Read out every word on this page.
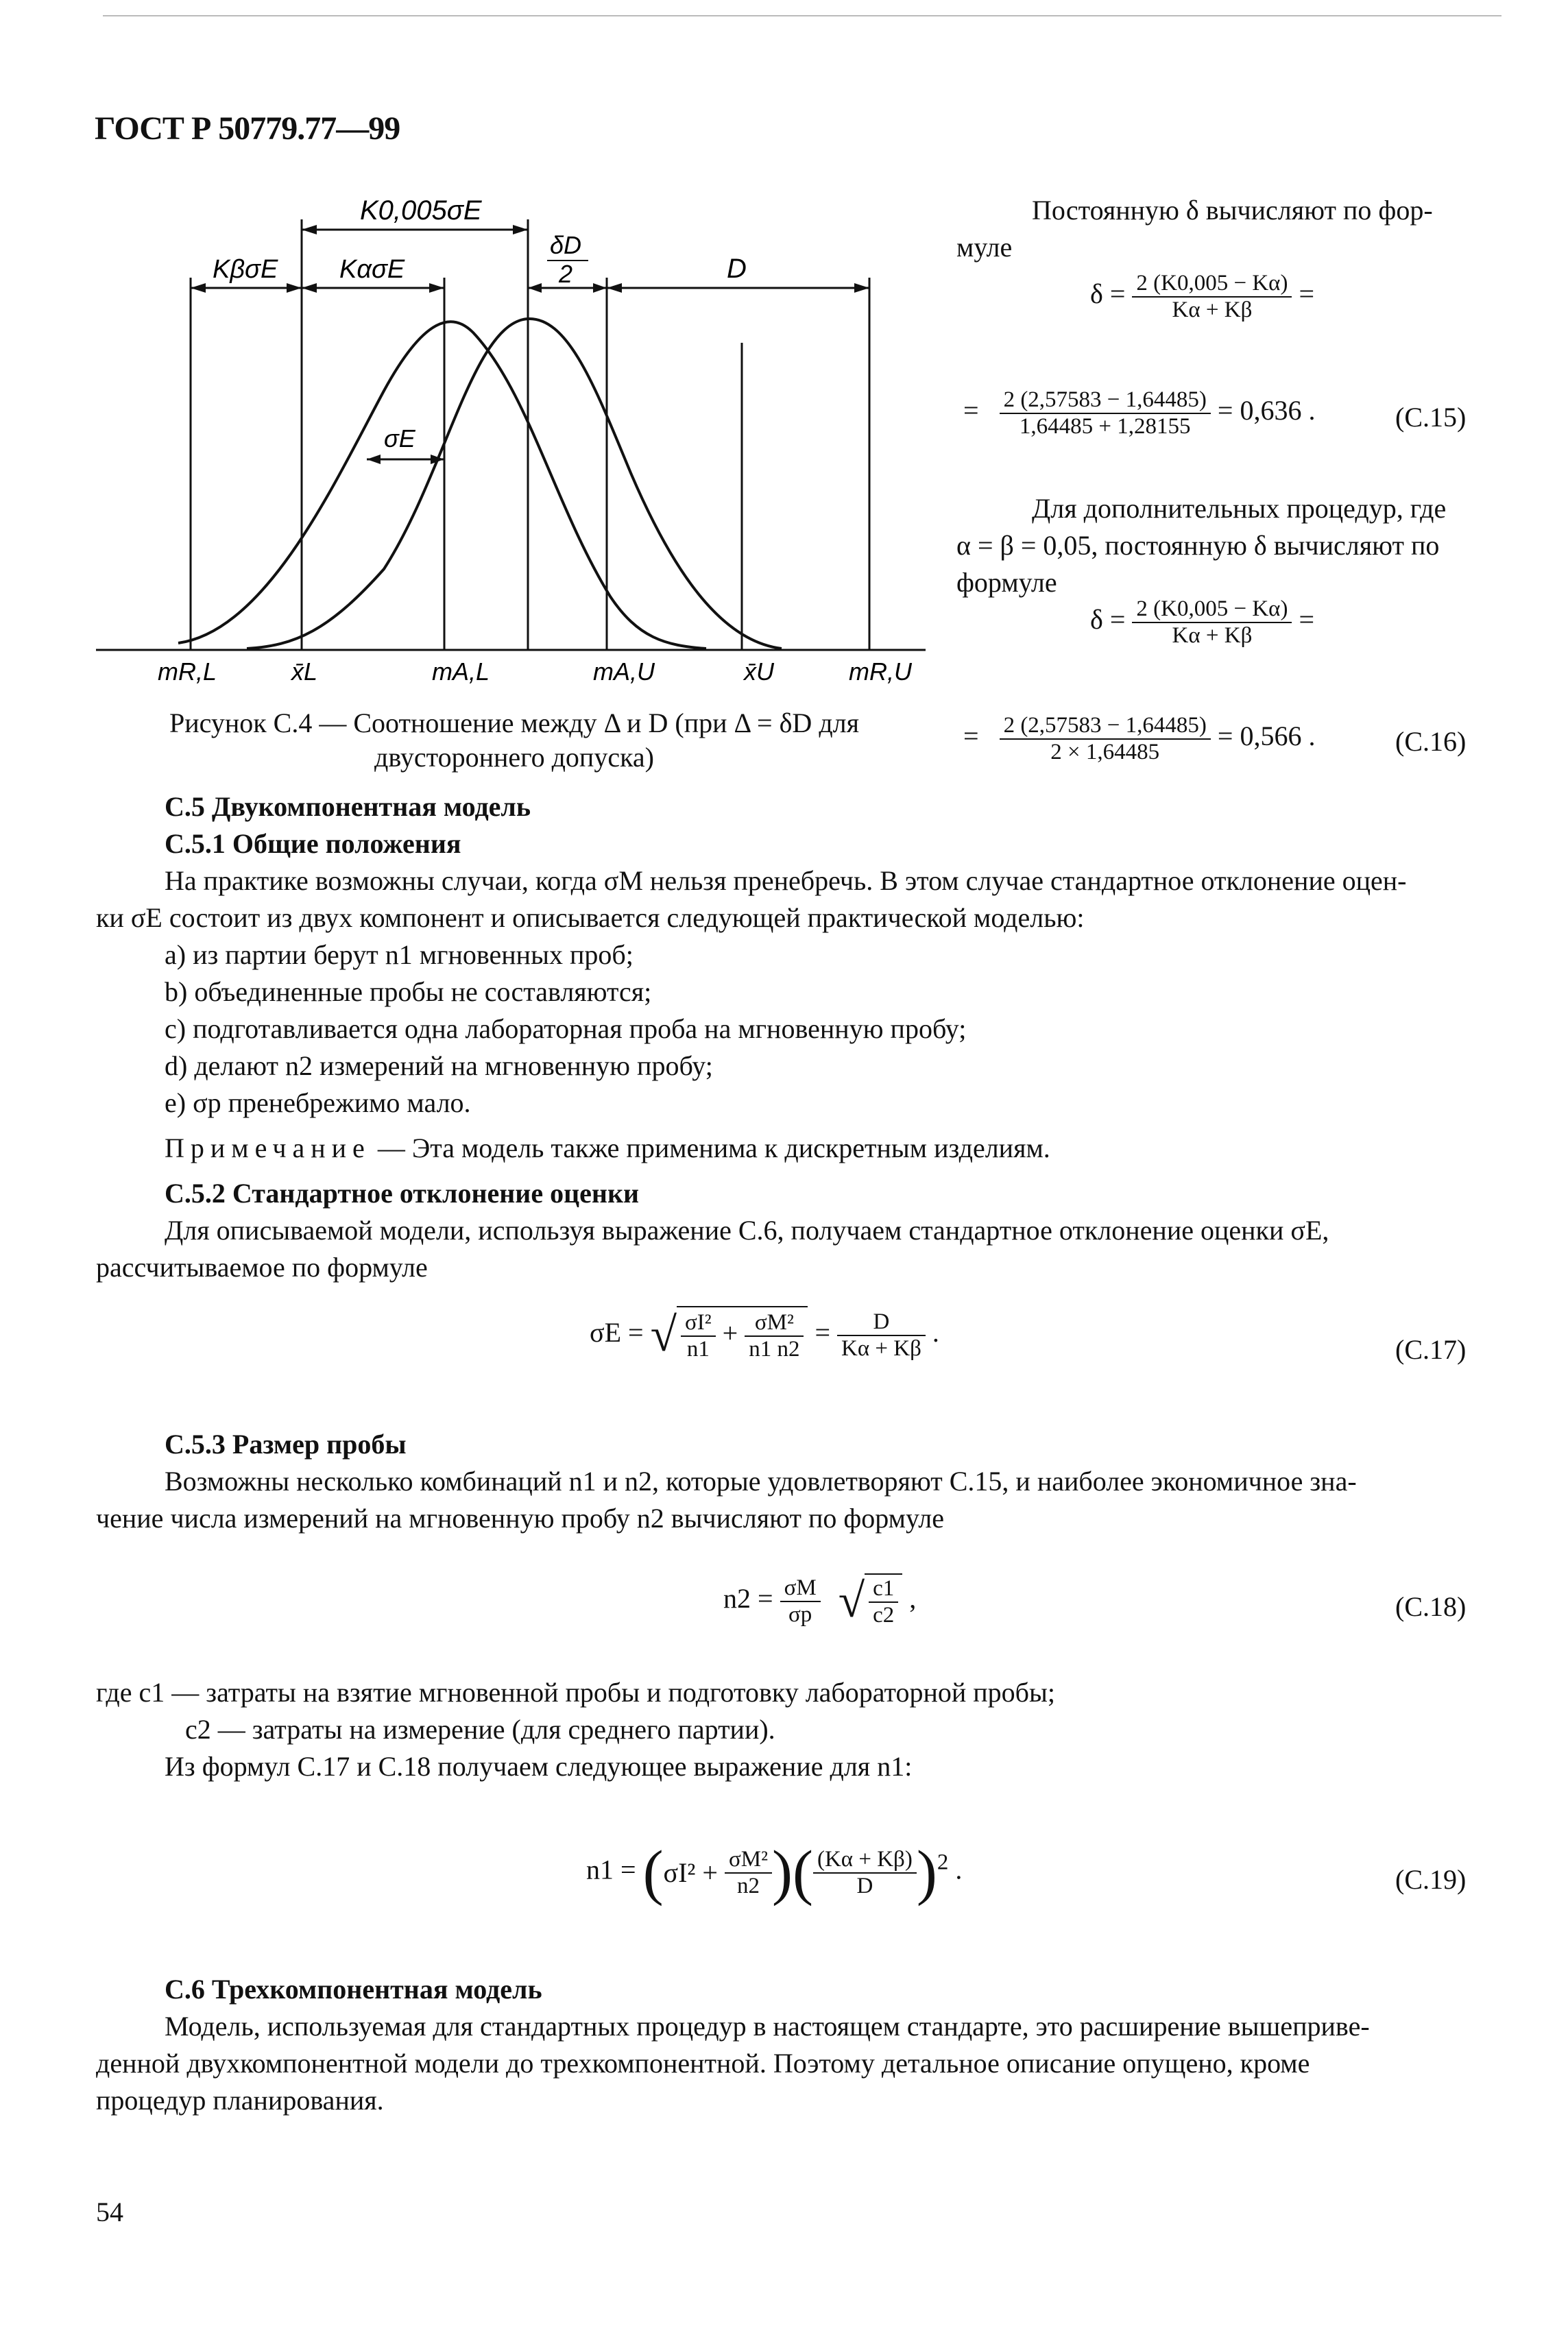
ГОСТ Р 50779.77—99
K0,005σE
KβσE KασE
δD
2	D
σE
mR,L	x̄L	mA,L	mA,U	x̄U	mR,U
Рисунок С.4 — Соотношение между Δ и D (при Δ = δD для
двустороннего допуска)
Постоянную δ вычисляют по фор-
муле
$\delta = \frac{2 (K0,005 - K\alpha)}{K\alpha + K\beta}$ =
= $\frac{2 (2,57583 - 1,64485)}{1,64485 + 1,28155} = 0,636$ .	(С.15)
Для дополнительных процедур, где
α = β = 0,05, постоянную δ вычисляют по
формуле
$\delta = \frac{2 (K0,005 - K\alpha)}{K\alpha + K\beta}$ =
= $\frac{2 (2,57583 - 1,64485)}{2 \times 1,64485} = 0,566$ .	(С.16)
С.5 Двукомпонентная модель
С.5.1 Общие положения
На практике возможны случаи, когда σM нельзя пренебречь. В этом случае стандартное отклонение оцен-
ки σE состоит из двух компонент и описывается следующей практической моделью:
a) из партии берут n1 мгновенных проб;
b) объединенные пробы не составляются;
c) подготавливается одна лабораторная проба на мгновенную пробу;
d) делают n2 измерений на мгновенную пробу;
e) σp пренебрежимо мало.
Примечание — Эта модель также применима к дискретным изделиям.
С.5.2 Стандартное отклонение оценки
Для описываемой модели, используя выражение С.6, получаем стандартное отклонение оценки σE,
рассчитываемое по формуле
σE = √ $\frac{\text{σI²}}{n1} + \frac{\text{σM²}}{n1 n2} = \frac{D}{K\alpha + K\beta}$ .
(С.17)
С.5.3 Размер пробы
Возможны несколько комбинаций n1 и n2, которые удовлетворяют С.15, и наиболее экономичное зна-
чение числа измерений на мгновенную пробу n2 вычисляют по формуле
$n2 = \frac{\sigma M}{\sigma p}$ √ $\frac{c1}{c2}$ ,	(С.18)
где c1 — затраты на взятие мгновенной пробы и подготовку лабораторной пробы;
c2 — затраты на измерение (для среднего партии).
Из формул С.17 и С.18 получаем следующее выражение для n1:
$n1 = (\sigma I^2 + \frac{\text{σM²}}{n2}$ )( $\frac{(K\alpha + K\beta)}{D} )^2$ .	(С.19)
С.6 Трехкомпонентная модель
Модель, используемая для стандартных процедур в настоящем стандарте, это расширение вышеприве-
денной двухкомпонентной модели до трехкомпонентной. Поэтому детальное описание опущено, кроме
процедур планирования.
54
